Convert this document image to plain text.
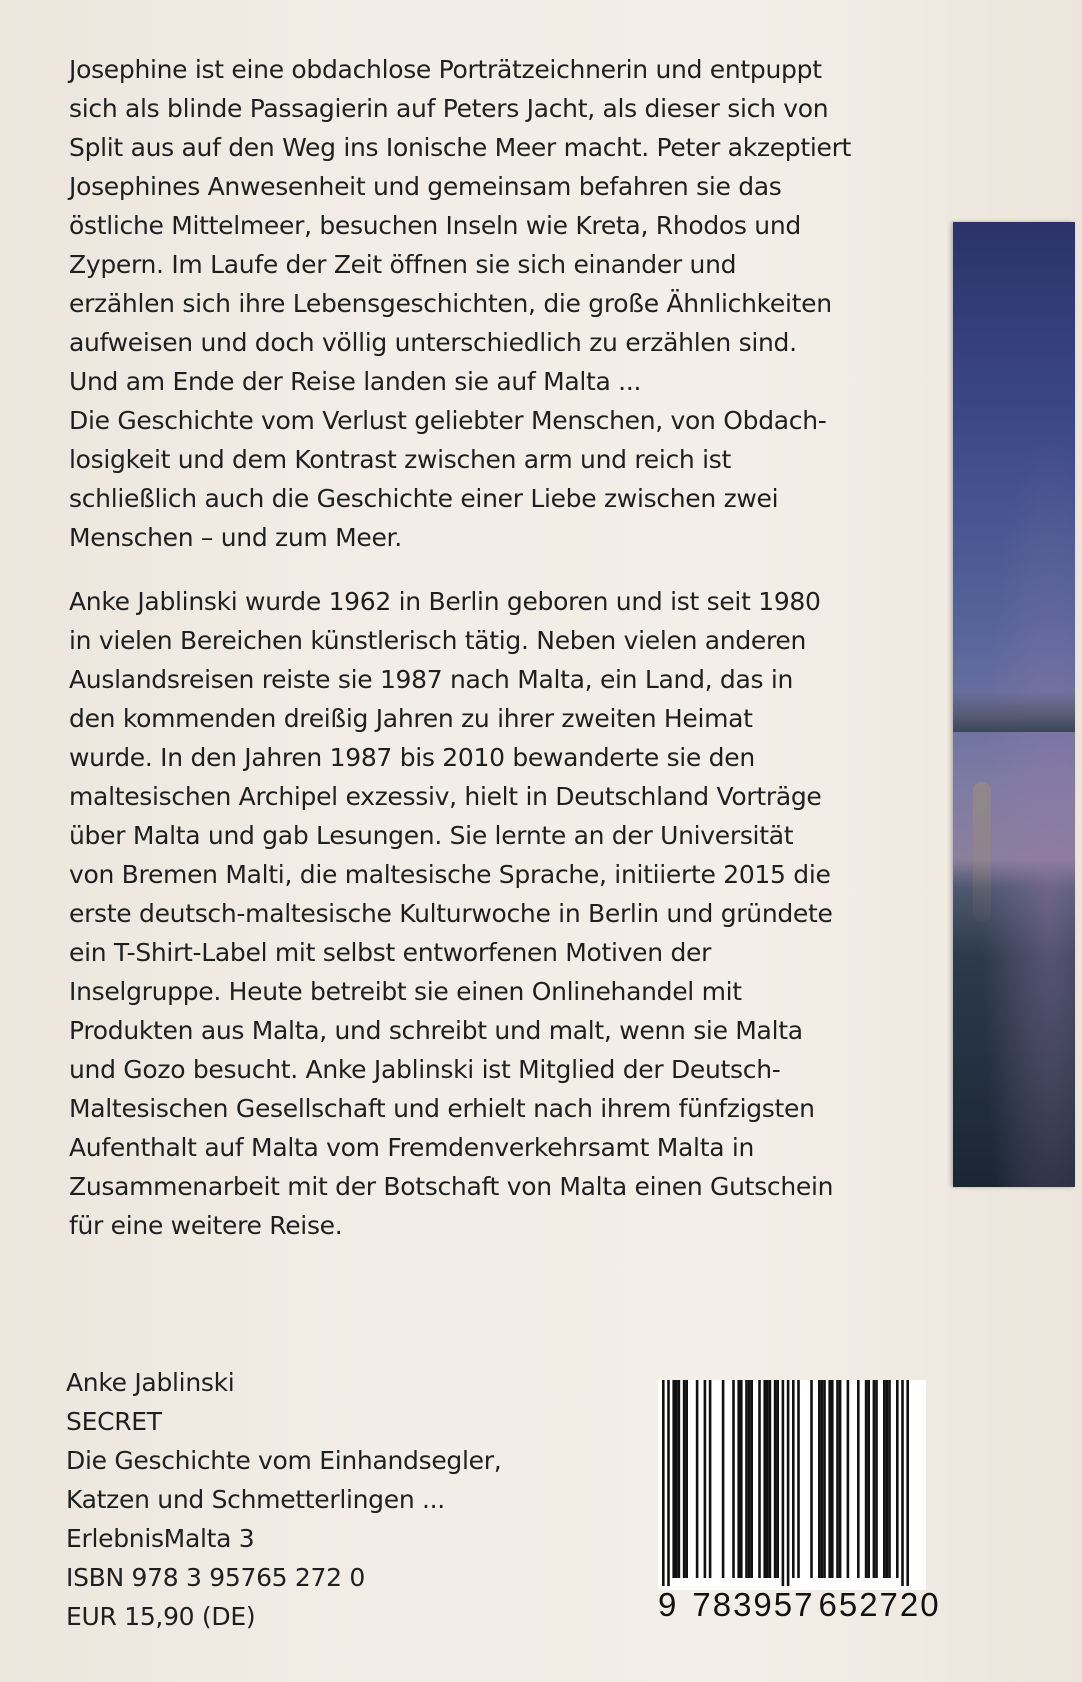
Josephine ist eine obdachlose Porträtzeichnerin und entpuppt
sich als blinde Passagierin auf Peters Jacht, als dieser sich von
Split aus auf den Weg ins Ionische Meer macht. Peter akzeptiert
Josephines Anwesenheit und gemeinsam befahren sie das
östliche Mittelmeer, besuchen Inseln wie Kreta, Rhodos und
Zypern. Im Laufe der Zeit öffnen sie sich einander und
erzählen sich ihre Lebensgeschichten, die große Ähnlichkeiten
aufweisen und doch völlig unterschiedlich zu erzählen sind.
Und am Ende der Reise landen sie auf Malta ...
Die Geschichte vom Verlust geliebter Menschen, von Obdach-
losigkeit und dem Kontrast zwischen arm und reich ist
schließlich auch die Geschichte einer Liebe zwischen zwei
Menschen – und zum Meer.

Anke Jablinski wurde 1962 in Berlin geboren und ist seit 1980
in vielen Bereichen künstlerisch tätig. Neben vielen anderen
Auslandsreisen reiste sie 1987 nach Malta, ein Land, das in
den kommenden dreißig Jahren zu ihrer zweiten Heimat
wurde. In den Jahren 1987 bis 2010 bewanderte sie den
maltesischen Archipel exzessiv, hielt in Deutschland Vorträge
über Malta und gab Lesungen. Sie lernte an der Universität
von Bremen Malti, die maltesische Sprache, initiierte 2015 die
erste deutsch-maltesische Kulturwoche in Berlin und gründete
ein T-Shirt-Label mit selbst entworfenen Motiven der
Inselgruppe. Heute betreibt sie einen Onlinehandel mit
Produkten aus Malta, und schreibt und malt, wenn sie Malta
und Gozo besucht. Anke Jablinski ist Mitglied der Deutsch-
Maltesischen Gesellschaft und erhielt nach ihrem fünfzigsten
Aufenthalt auf Malta vom Fremdenverkehrsamt Malta in
Zusammenarbeit mit der Botschaft von Malta einen Gutschein
für eine weitere Reise.

Anke Jablinski
SECRET
Die Geschichte vom Einhandsegler,
Katzen und Schmetterlingen ...
ErlebnisMalta 3
ISBN 978 3 95765 272 0
EUR 15,90 (DE)	9 783957 652720
